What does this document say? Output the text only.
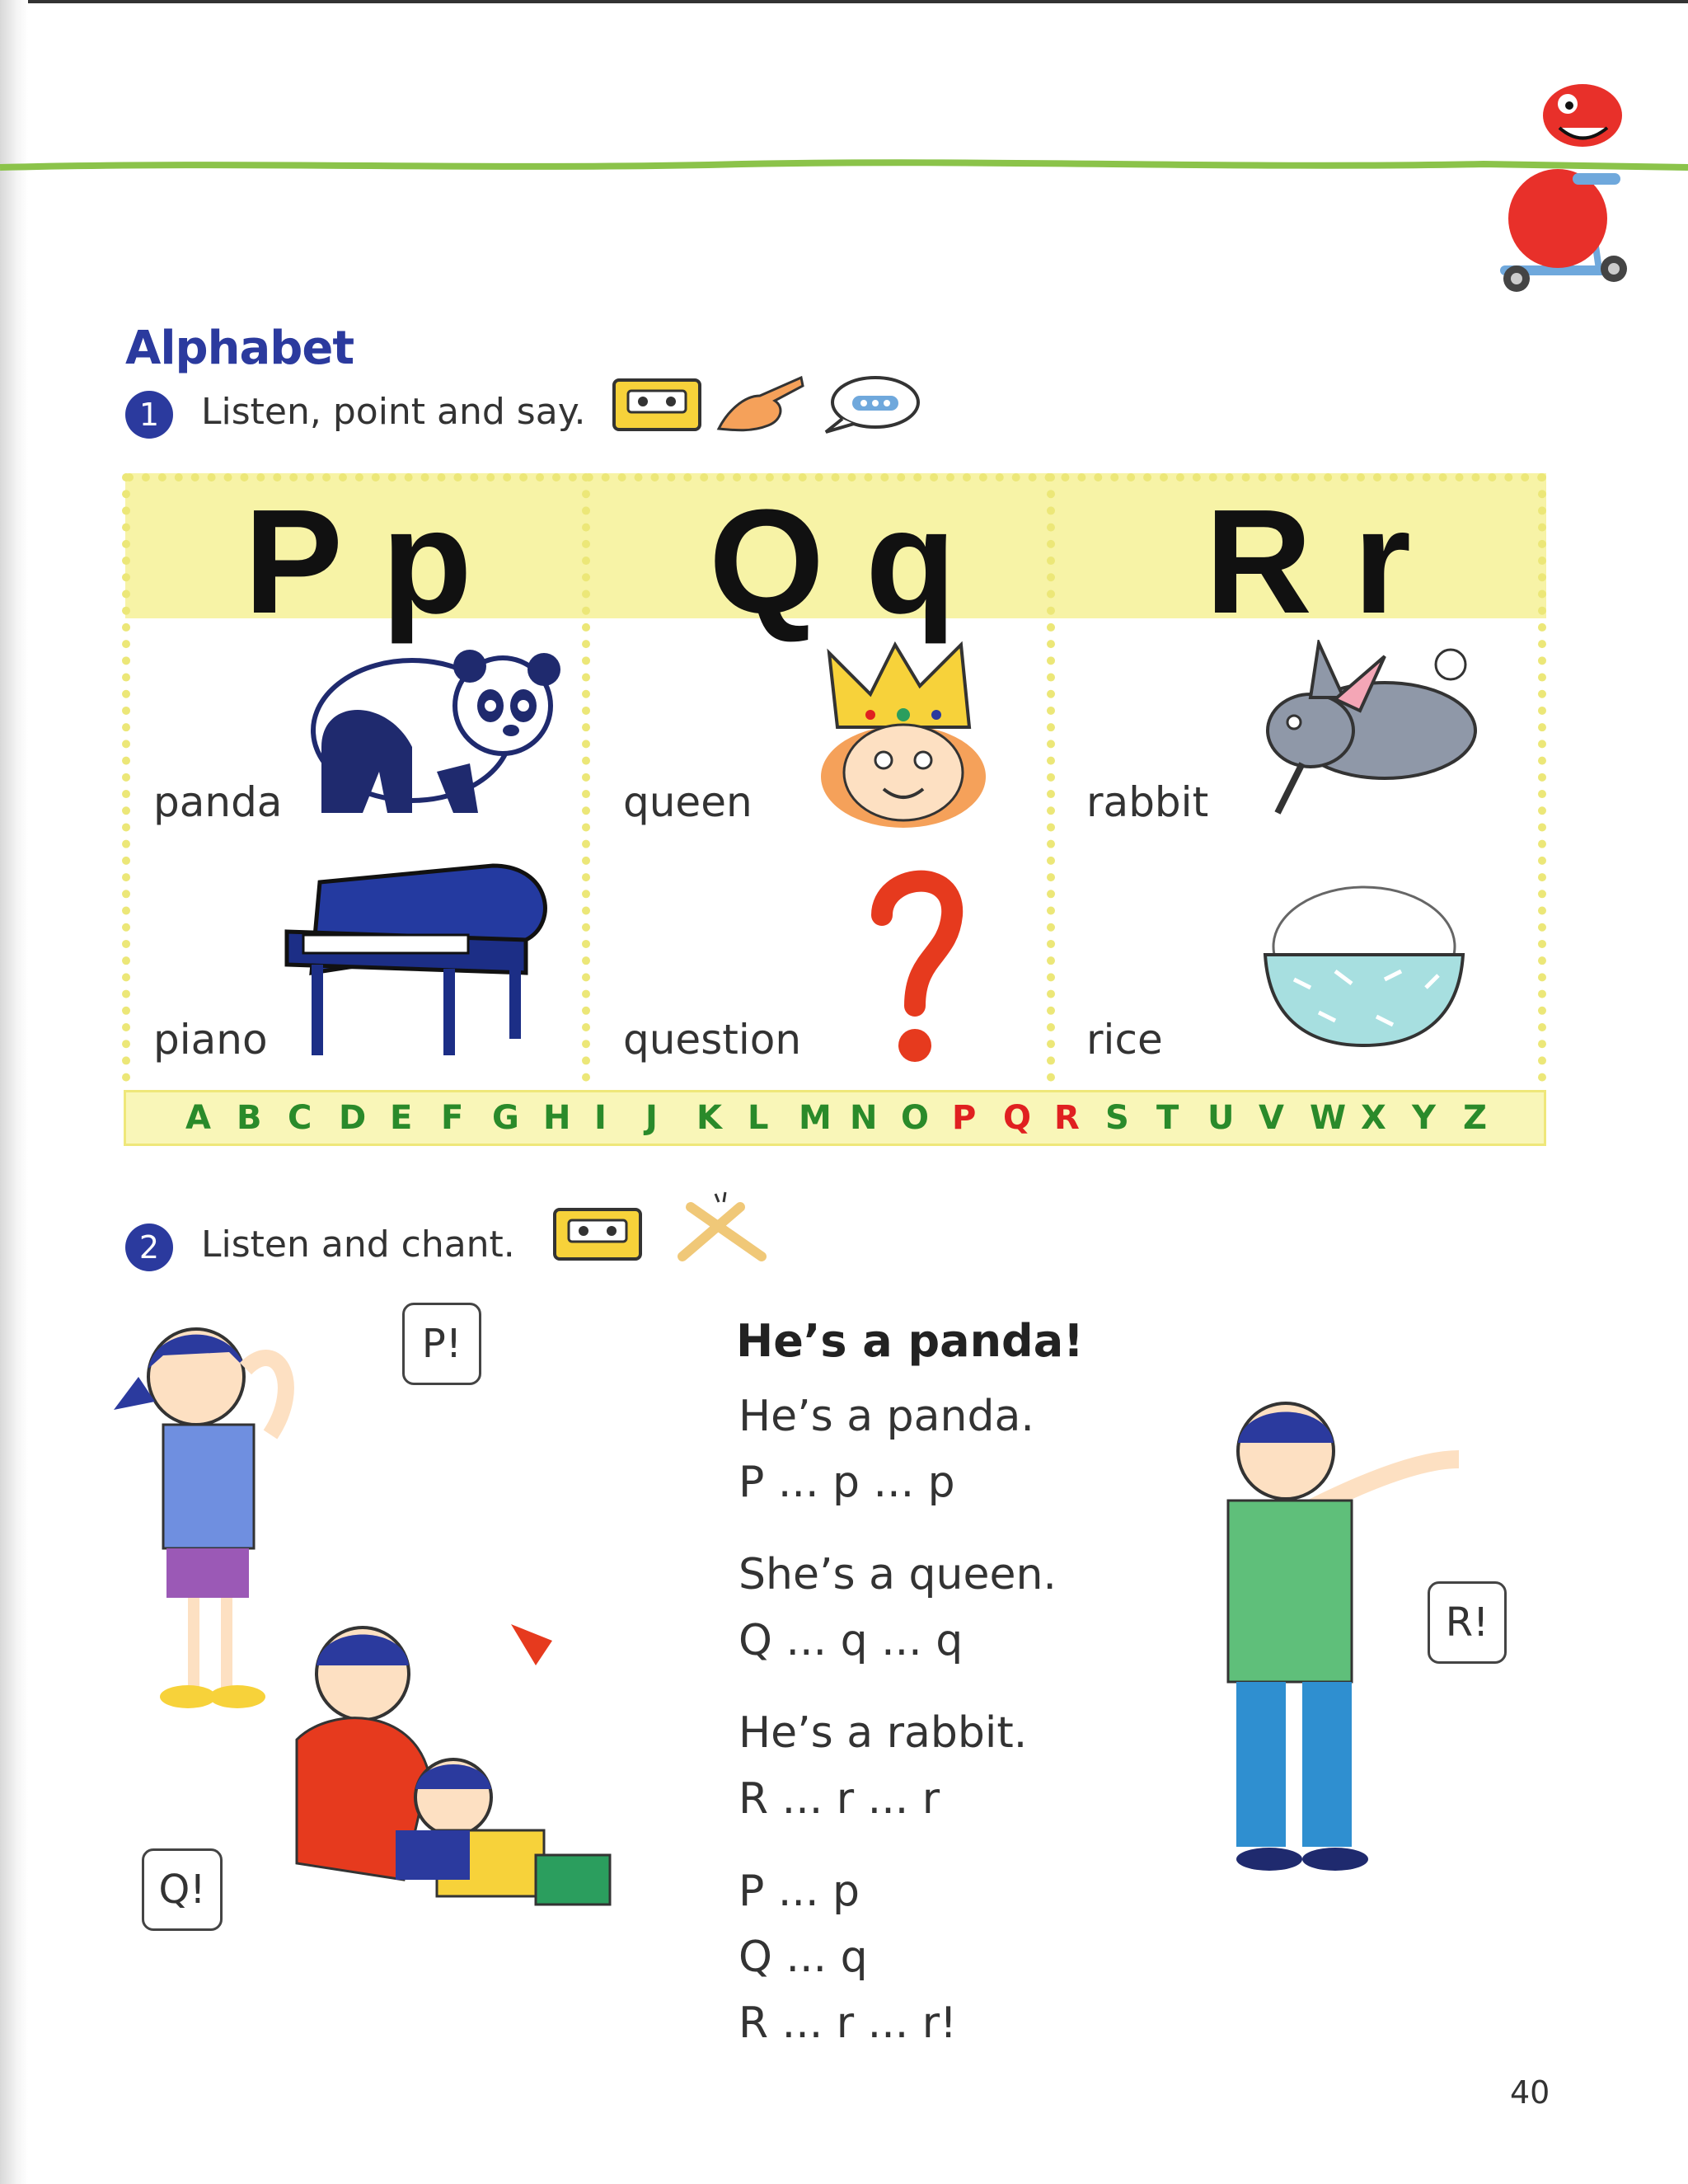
Alphabet
1	Listen, point and say.
P p Q q R r
panda
piano
queen
question
rabbit
rice
A B C D E F G H I J K L M N O P Q R S T U V W X Y Z
2	Listen and chant.
P!
Q!
R!
He’s a panda!
He’s a panda.
P ... p ... p
She’s a queen.
Q ... q ... q
He’s a rabbit.
R ... r ... r
P ... p
Q ... q
R ... r ... r!
40
